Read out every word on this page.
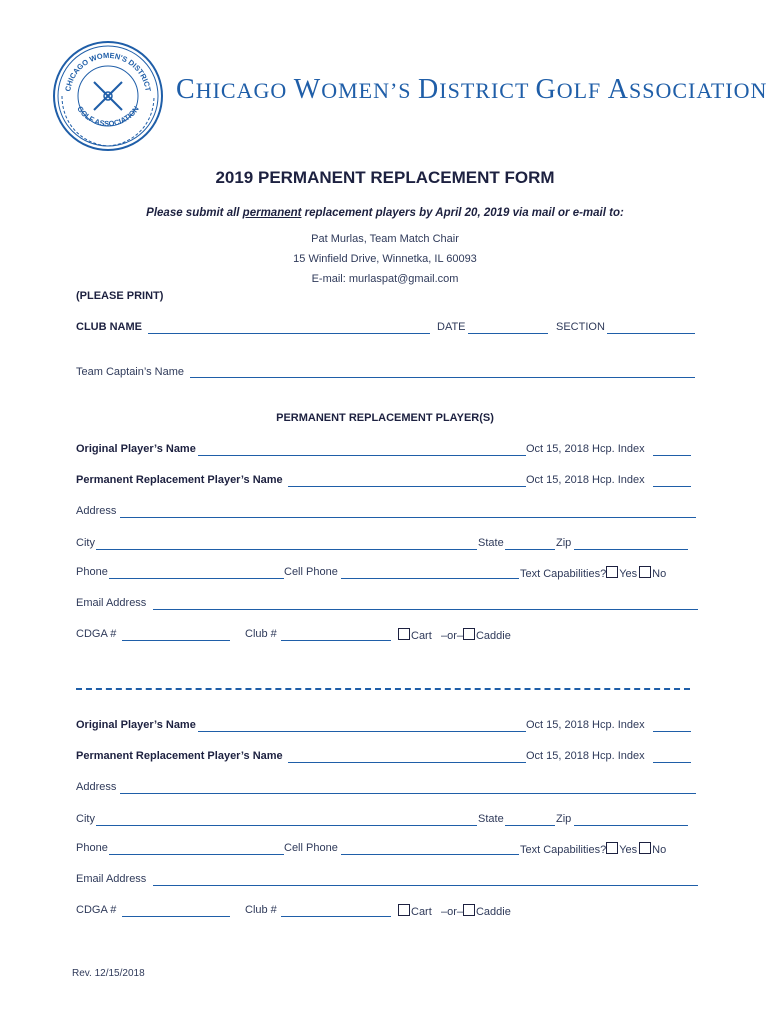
CHICAGO WOMEN'S DISTRICT
GOLF ASSOCIATION
CHICAGO WOMEN’S DISTRICT GOLF ASSOCIATION
2019 PERMANENT REPLACEMENT FORM
Please submit all permanent replacement players by April 20, 2019 via mail or e-mail to:
Pat Murlas, Team Match Chair
15 Winfield Drive, Winnetka, IL 60093
E-mail: murlaspat@gmail.com
(PLEASE PRINT)
CLUB NAME	DATE	SECTION
Team Captain’s Name
PERMANENT REPLACEMENT PLAYER(S)
Original Player’s Name	Oct 15, 2018 Hcp. Index
Permanent Replacement Player’s Name	Oct 15, 2018 Hcp. Index
Address
City	State	Zip
Phone	Cell Phone	Text Capabilities? Yes No
Email Address
CDGA #	Club #	Cart –or– Caddie
Original Player’s Name	Oct 15, 2018 Hcp. Index
Permanent Replacement Player’s Name	Oct 15, 2018 Hcp. Index
Address
City	State	Zip
Phone	Cell Phone	Text Capabilities? Yes No
Email Address
CDGA #	Club #	Cart –or– Caddie
Rev. 12/15/2018
